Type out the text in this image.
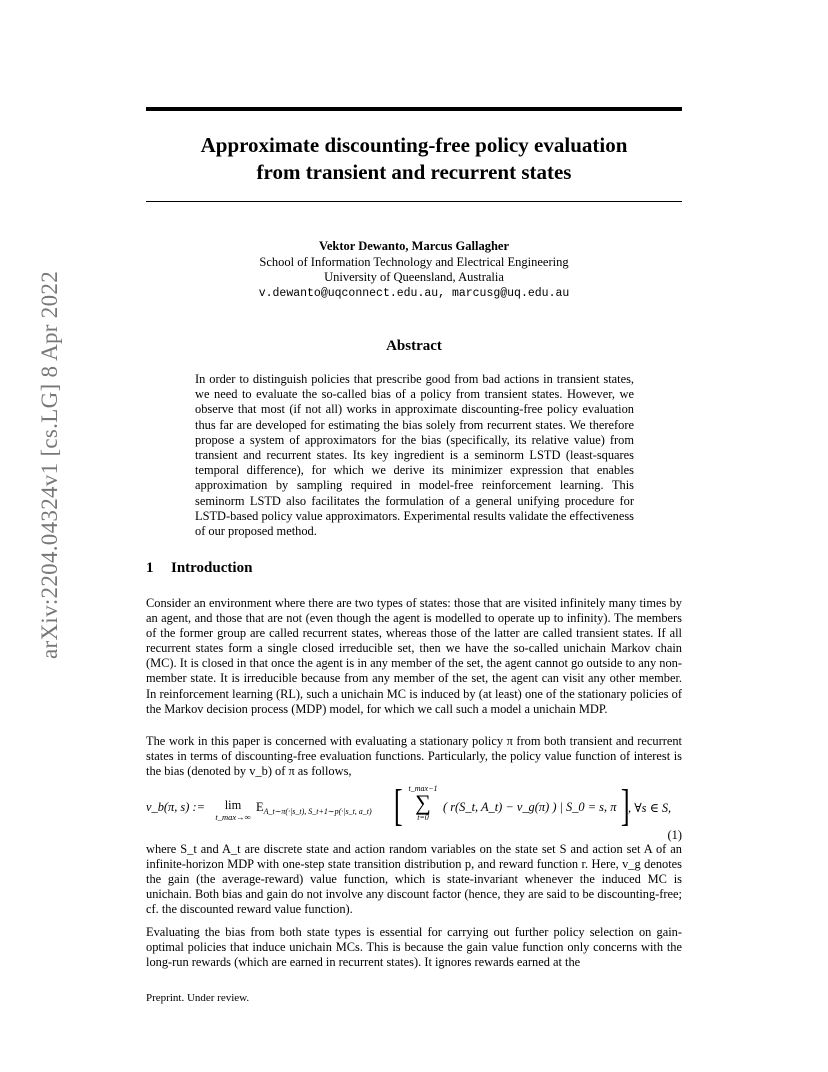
arXiv:2204.04324v1 [cs.LG] 8 Apr 2022
Approximate discounting-free policy evaluation
from transient and recurrent states
Vektor Dewanto, Marcus Gallagher
School of Information Technology and Electrical Engineering
University of Queensland, Australia
v.dewanto@uqconnect.edu.au, marcusg@uq.edu.au
Abstract
In order to distinguish policies that prescribe good from bad actions in transient states, we need to evaluate the so-called bias of a policy from transient states. However, we observe that most (if not all) works in approximate discounting-free policy evaluation thus far are developed for estimating the bias solely from recurrent states. We therefore propose a system of approximators for the bias (specifically, its relative value) from transient and recurrent states. Its key ingredient is a seminorm LSTD (least-squares temporal difference), for which we derive its minimizer expression that enables approximation by sampling required in model-free reinforcement learning. This seminorm LSTD also facilitates the formulation of a general unifying procedure for LSTD-based policy value approximators. Experimental results validate the effectiveness of our proposed method.
1 Introduction
Consider an environment where there are two types of states: those that are visited infinitely many times by an agent, and those that are not (even though the agent is modelled to operate up to infinity). The members of the former group are called recurrent states, whereas those of the latter are called transient states. If all recurrent states form a single closed irreducible set, then we have the so-called unichain Markov chain (MC). It is closed in that once the agent is in any member of the set, the agent cannot go outside to any non-member state. It is irreducible because from any member of the set, the agent can visit any other member. In reinforcement learning (RL), such a unichain MC is induced by (at least) one of the stationary policies of the Markov decision process (MDP) model, for which we call such a model a unichain MDP.
The work in this paper is concerned with evaluating a stationary policy π from both transient and recurrent states in terms of discounting-free evaluation functions. Particularly, the policy value function of interest is the bias (denoted by v_b) of π as follows,
v_b(π, s) :=	lim
t_max→∞
$E_{A\_t\sim\pi(\cdot|s\_t), S\_t+1\sim p(\cdot|s\_t, a\_t)}$ [ t_max−1
∑
t=0
( r(S_t, A_t) − v_g(π) ) | S_0 = s, π ]
, ∀s ∈ S,
(1)
where S_t and A_t are discrete state and action random variables on the state set S and action set A of an infinite-horizon MDP with one-step state transition distribution p, and reward function r. Here, v_g denotes the gain (the average-reward) value function, which is state-invariant whenever the induced MC is unichain. Both bias and gain do not involve any discount factor (hence, they are said to be discounting-free; cf. the discounted reward value function).
Evaluating the bias from both state types is essential for carrying out further policy selection on gain-optimal policies that induce unichain MCs. This is because the gain value function only concerns with the long-run rewards (which are earned in recurrent states). It ignores rewards earned at the
Preprint. Under review.
